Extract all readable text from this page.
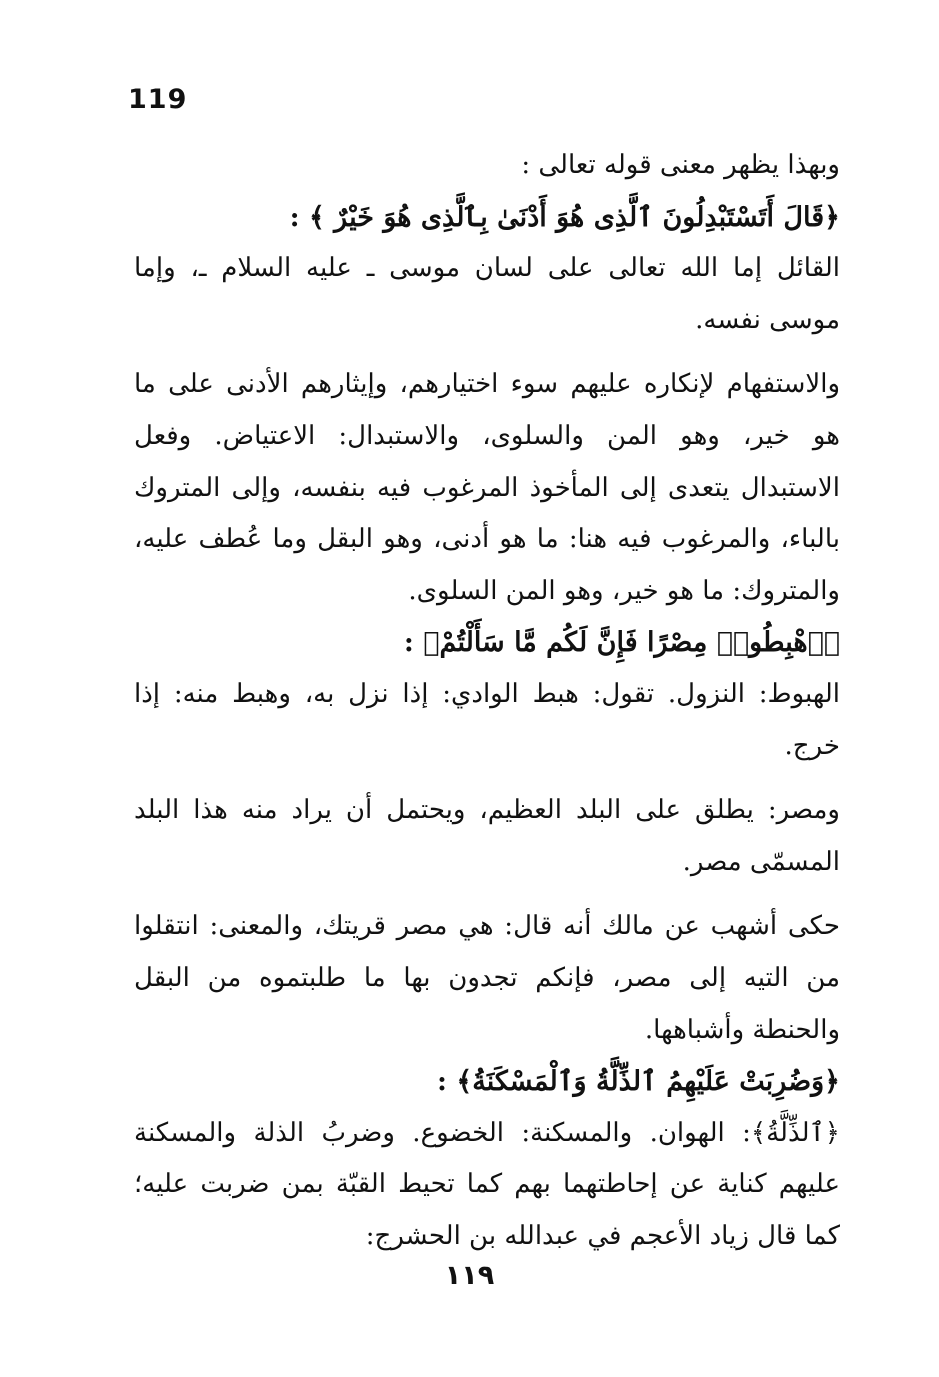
119

وبهذا يظهر معنى قوله تعالى :

﴿قَالَ أَتَسْتَبْدِلُونَ ٱلَّذِى هُوَ أَدْنَىٰ بِٱلَّذِى هُوَ خَيْرٌ ﴾ :

القائل إما الله تعالى على لسان موسى ـ عليه السلام ـ، وإما موسى نفسه.

والاستفهام لإنكاره عليهم سوء اختيارهم، وإيثارهم الأدنى على ما هو خير، وهو المن والسلوى، والاستبدال: الاعتياض. وفعل الاستبدال يتعدى إلى المأخوذ المرغوب فيه بنفسه، وإلى المتروك بالباء، والمرغوب فيه هنا: ما هو أدنى، وهو البقل وما عُطف عليه، والمتروك: ما هو خير، وهو المن السلوى.

﴿ٱهْبِطُوا۟ مِصْرًا فَإِنَّ لَكُم مَّا سَأَلْتُمْ﴾ :

الهبوط: النزول. تقول: هبط الوادي: إذا نزل به، وهبط منه: إذا خرج.

ومصر: يطلق على البلد العظيم، ويحتمل أن يراد منه هذا البلد المسمّى مصر.

حكى أشهب عن مالك أنه قال: هي مصر قريتك، والمعنى: انتقلوا من التيه إلى مصر، فإنكم تجدون بها ما طلبتموه من البقل والحنطة وأشباهها.

﴿وَضُرِبَتْ عَلَيْهِمُ ٱلذِّلَّةُ وَٱلْمَسْكَنَةُ﴾ :

﴿ٱلذِّلَّةُ﴾: الهوان. والمسكنة: الخضوع. وضربُ الذلة والمسكنة عليهم كناية عن إحاطتهما بهم كما تحيط القبّة بمن ضربت عليه؛ كما قال زياد الأعجم في عبدالله بن الحشرج:

١١٩
